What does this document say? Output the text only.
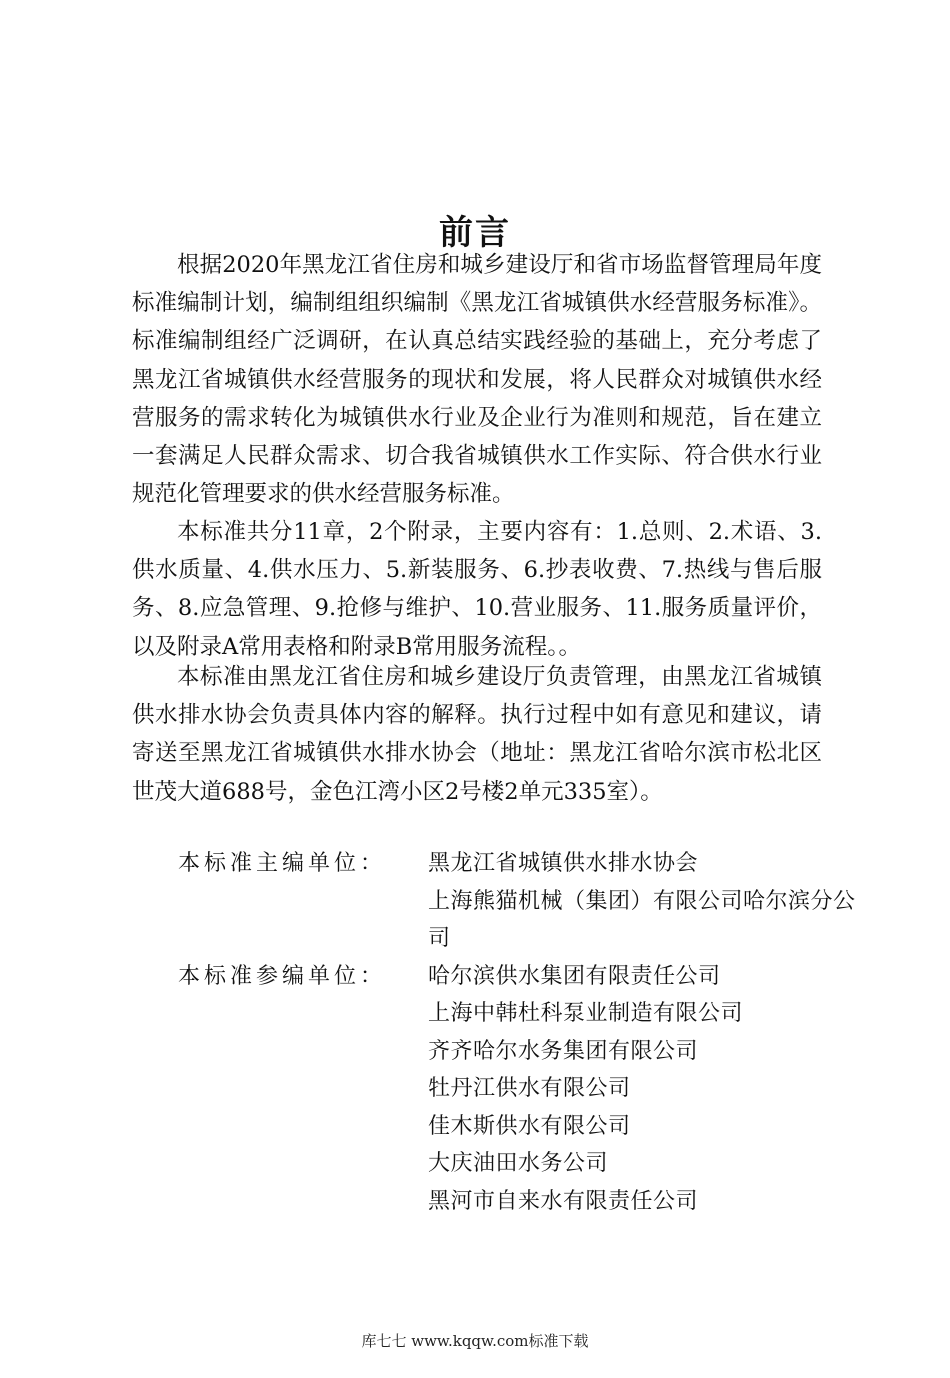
前言

根据2020年黑龙江省住房和城乡建设厅和省市场监督管理局年度标准编制计划，编制组组织编制《黑龙江省城镇供水经营服务标准》。标准编制组经广泛调研，在认真总结实践经验的基础上，充分考虑了黑龙江省城镇供水经营服务的现状和发展，将人民群众对城镇供水经营服务的需求转化为城镇供水行业及企业行为准则和规范，旨在建立一套满足人民群众需求、切合我省城镇供水工作实际、符合供水行业规范化管理要求的供水经营服务标准。

本标准共分11章，2个附录，主要内容有：1.总则、2.术语、3.供水质量、4.供水压力、5.新装服务、6.抄表收费、7.热线与售后服务、8.应急管理、9.抢修与维护、10.营业服务、11.服务质量评价，以及附录A常用表格和附录B常用服务流程。。

本标准由黑龙江省住房和城乡建设厅负责管理，由黑龙江省城镇供水排水协会负责具体内容的解释。执行过程中如有意见和建议，请寄送至黑龙江省城镇供水排水协会（地址：黑龙江省哈尔滨市松北区世茂大道688号，金色江湾小区2号楼2单元335室）。

本标准主编单位：	黑龙江省城镇供水排水协会
上海熊猫机械（集团）有限公司哈尔滨分公司
本标准参编单位：	哈尔滨供水集团有限责任公司
上海中韩杜科泵业制造有限公司
齐齐哈尔水务集团有限公司
牡丹江供水有限公司
佳木斯供水有限公司
大庆油田水务公司
黑河市自来水有限责任公司
库七七 www.kqqw.com标准下载
